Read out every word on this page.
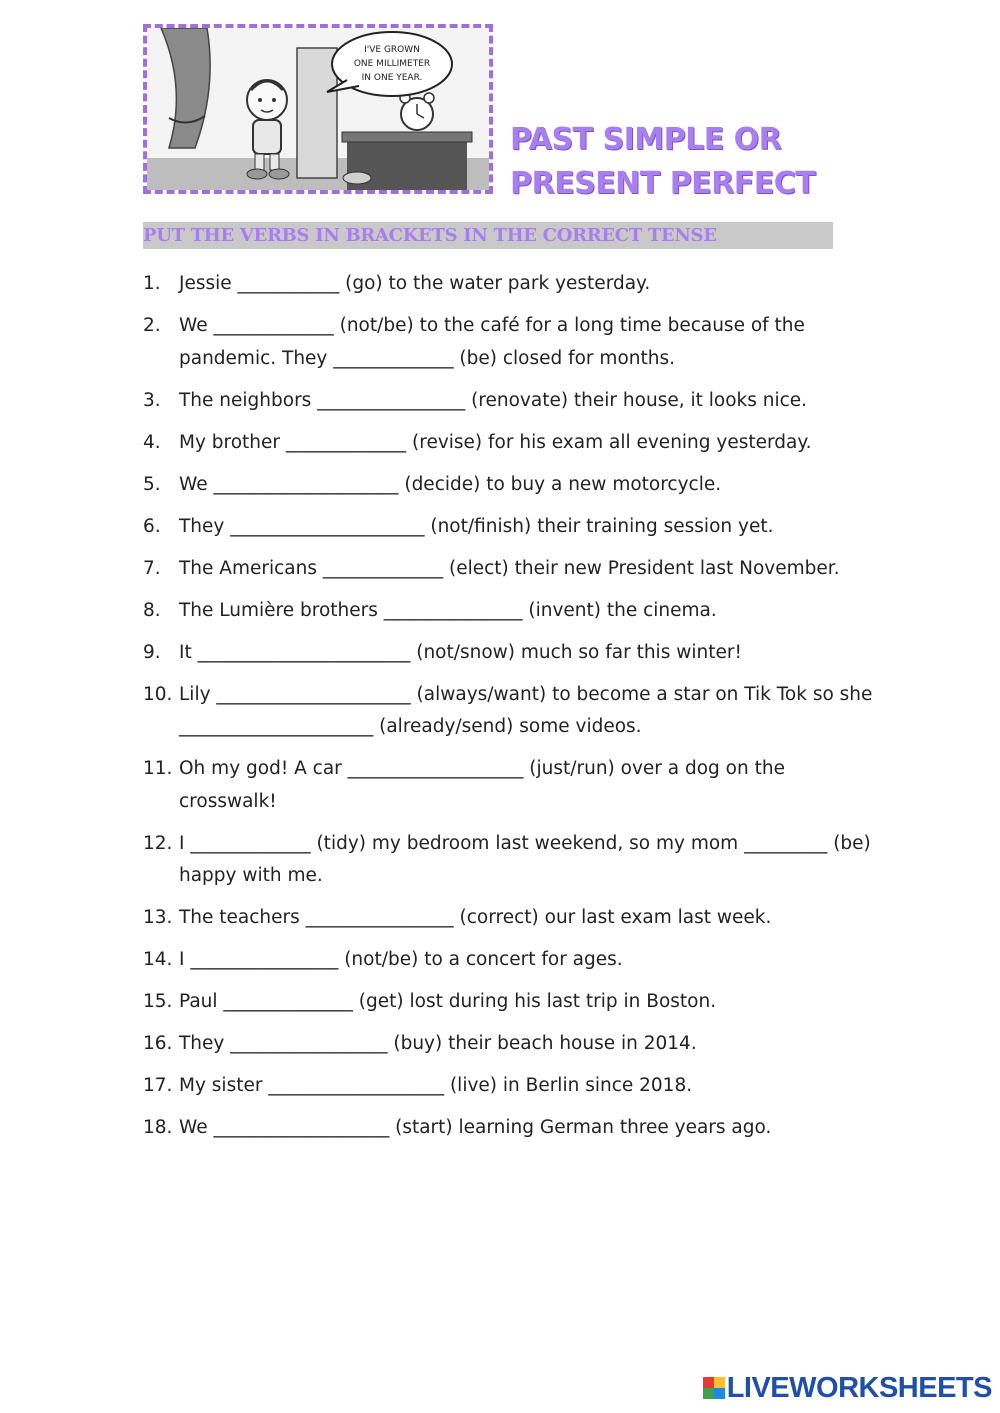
I'VE GROWN
ONE MILLIMETER
IN ONE YEAR.
PAST SIMPLE OR
PRESENT PERFECT
PUT THE VERBS IN BRACKETS IN THE CORRECT TENSE
1. Jessie ___________ (go) to the water park yesterday.
2. We _____________ (not/be) to the café for a long time because of the pandemic. They _____________ (be) closed for months.
3. The neighbors ________________ (renovate) their house, it looks nice.
4. My brother _____________ (revise) for his exam all evening yesterday.
5. We ____________________ (decide) to buy a new motorcycle.
6. They _____________________ (not/finish) their training session yet.
7. The Americans _____________ (elect) their new President last November.
8. The Lumière brothers _______________ (invent) the cinema.
9. It _______________________ (not/snow) much so far this winter!
10. Lily _____________________ (always/want) to become a star on Tik Tok so she _____________________ (already/send) some videos.
11. Oh my god! A car ___________________ (just/run) over a dog on the crosswalk!
12. I _____________ (tidy) my bedroom last weekend, so my mom _________ (be) happy with me.
13. The teachers ________________ (correct) our last exam last week.
14. I ________________ (not/be) to a concert for ages.
15. Paul ______________ (get) lost during his last trip in Boston.
16. They _________________ (buy) their beach house in 2014.
17. My sister ___________________ (live) in Berlin since 2018.
18. We ___________________ (start) learning German three years ago.
LIVEWORKSHEETS
